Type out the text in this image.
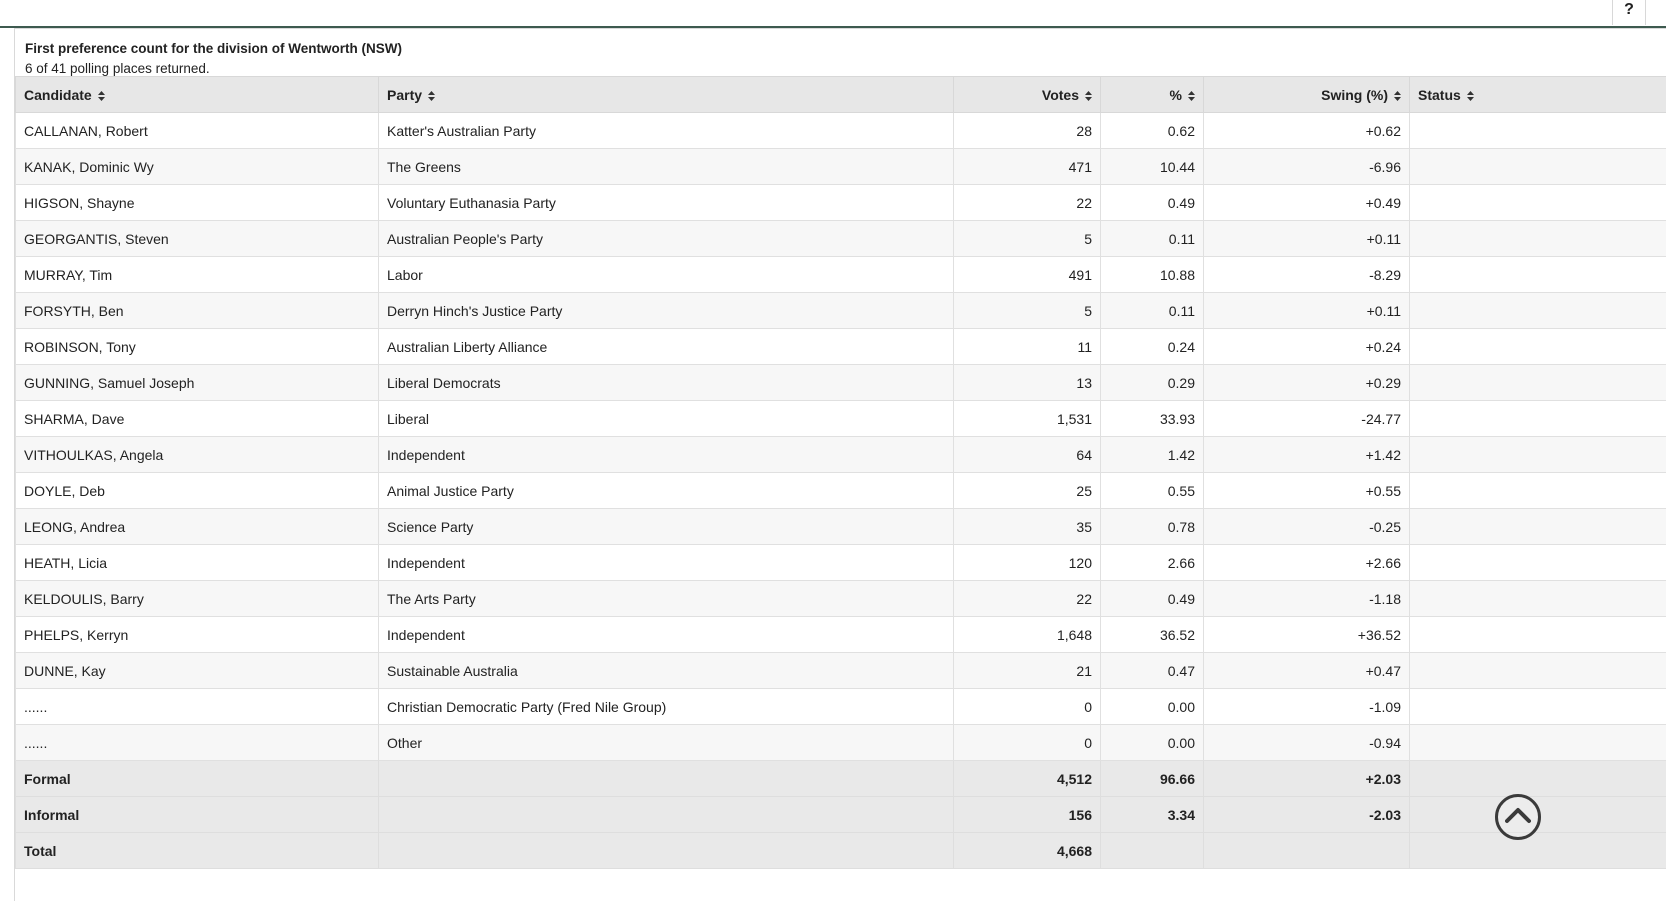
?
First preference count for the division of Wentworth (NSW)
6 of 41 polling places returned.
Candidate	Party	Votes	%	Swing (%)	Status

CALLANAN, Robert	Katter's Australian Party	28	0.62	+0.62	
KANAK, Dominic Wy	The Greens	471	10.44	-6.96	
HIGSON, Shayne	Voluntary Euthanasia Party	22	0.49	+0.49	
GEORGANTIS, Steven	Australian People's Party	5	0.11	+0.11	
MURRAY, Tim	Labor	491	10.88	-8.29	
FORSYTH, Ben	Derryn Hinch's Justice Party	5	0.11	+0.11	
ROBINSON, Tony	Australian Liberty Alliance	11	0.24	+0.24	
GUNNING, Samuel Joseph	Liberal Democrats	13	0.29	+0.29	
SHARMA, Dave	Liberal	1,531	33.93	-24.77	
VITHOULKAS, Angela	Independent	64	1.42	+1.42	
DOYLE, Deb	Animal Justice Party	25	0.55	+0.55	
LEONG, Andrea	Science Party	35	0.78	-0.25	
HEATH, Licia	Independent	120	2.66	+2.66	
KELDOULIS, Barry	The Arts Party	22	0.49	-1.18	
PHELPS, Kerryn	Independent	1,648	36.52	+36.52	
DUNNE, Kay	Sustainable Australia	21	0.47	+0.47	
......	Christian Democratic Party (Fred Nile Group)	0	0.00	-1.09	
......	Other	0	0.00	-0.94	
Formal		4,512	96.66	+2.03	
Informal		156	3.34	-2.03	
Total		4,668			
